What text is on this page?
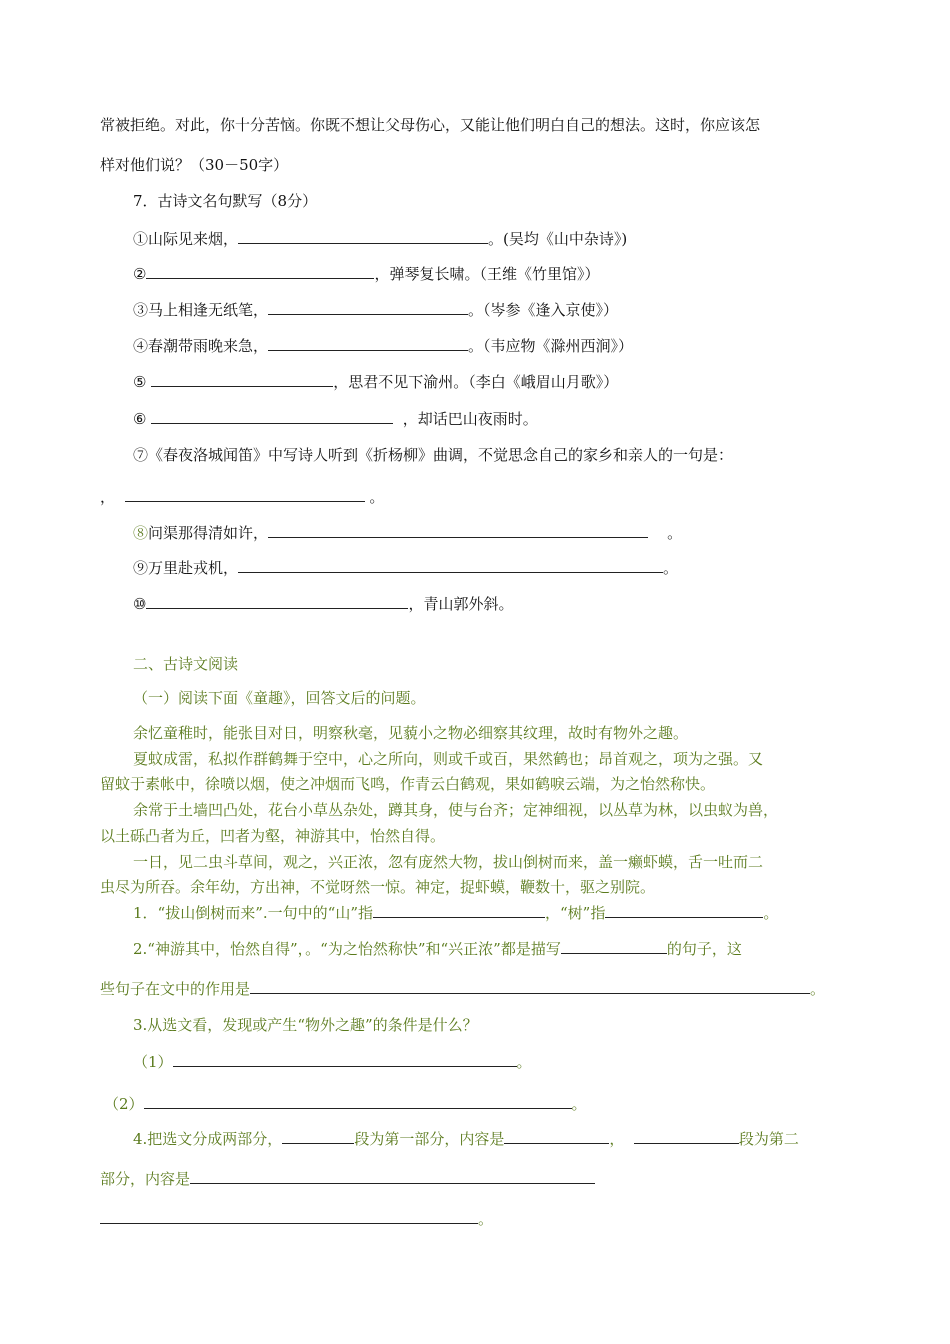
常被拒绝。对此，你十分苦恼。你既不想让父母伤心，又能让他们明白自己的想法。这时，你应该怎
样对他们说？（30－50字）
7．古诗文名句默写（8分）
①山际见来烟，	。(吴均《山中杂诗》)
②	，弹琴复长啸。（王维《竹里馆》）
③马上相逢无纸笔，	。（岑参《逢入京使》）
④春潮带雨晚来急，	。（韦应物《滁州西涧》）
⑤	，思君不见下渝州。（李白《峨眉山月歌》）
⑥	，却话巴山夜雨时。
⑦《春夜洛城闻笛》中写诗人听到《折杨柳》曲调，不觉思念自己的家乡和亲人的一句是：
，	。
⑧问渠那得清如许，	。
⑨万里赴戎机，	。
⑩	，青山郭外斜。
二、古诗文阅读
（一）阅读下面《童趣》，回答文后的问题。
余忆童稚时，能张目对日，明察秋毫，见藐小之物必细察其纹理，故时有物外之趣。
夏蚊成雷，私拟作群鹤舞于空中，心之所向，则或千或百，果然鹤也；昂首观之，项为之强。又
留蚊于素帐中，徐喷以烟，使之冲烟而飞鸣，作青云白鹤观，果如鹤唳云端，为之怡然称快。
余常于土墙凹凸处，花台小草丛杂处，蹲其身，使与台齐；定神细视，以丛草为林，以虫蚁为兽，
以土砾凸者为丘，凹者为壑，神游其中，怡然自得。
一日，见二虫斗草间，观之，兴正浓，忽有庞然大物，拔山倒树而来，盖一癞虾蟆，舌一吐而二
虫尽为所吞。余年幼，方出神，不觉呀然一惊。神定，捉虾蟆，鞭数十，驱之别院。
1．“拔山倒树而来”.一句中的“山”指	，“树”指	。
2.“神游其中，怡然自得”，。“为之怡然称快”和“兴正浓”都是描写	的句子，这
些句子在文中的作用是	。
3.从选文看，发现或产生“物外之趣”的条件是什么？
（1）	。
（2）	。
4.把选文分成两部分，	段为第一部分，内容是	，	段为第二
部分，内容是
。
